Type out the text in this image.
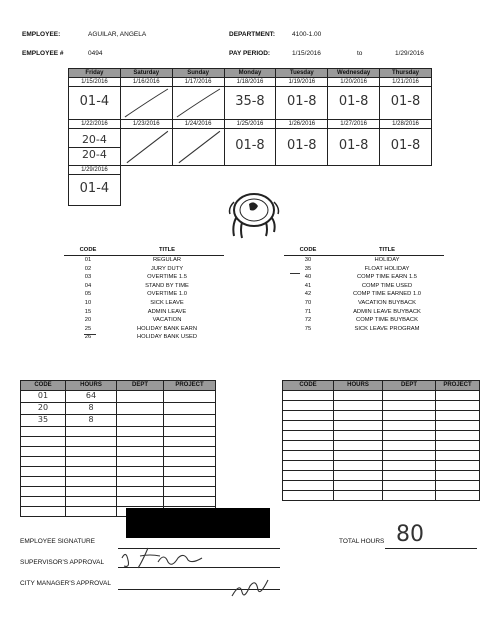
EMPLOYEE:	AGUILAR, ANGELA	DEPARTMENT:	4100-1.00
EMPLOYEE #	0494	PAY PERIOD:	1/15/2016	to	1/29/2016
Friday	Saturday	Sunday	Monday	Tuesday	Wednesday	Thursday
1/15/2016	1/16/2016	1/17/2016	1/18/2016	1/19/2016	1/20/2016	1/21/2016
01-4			35-8	01-8	01-8	01-8
1/22/2016	1/23/2016	1/24/2016	1/25/2016	1/26/2016	1/27/2016	1/28/2016

20-4
20-4			01-8	01-8	01-8	01-8
1/29/2016						
01-4						
CODE	TITLE
01	REGULAR
02	JURY DUTY
03	OVERTIME 1.5
04	STAND BY TIME
05	OVERTIME 1.0
10	SICK LEAVE
15	ADMIN LEAVE
20	VACATION
25	HOLIDAY BANK EARN
26	HOLIDAY BANK USED
CODE	TITLE
30	HOLIDAY
35	FLOAT HOLIDAY
40	COMP TIME EARN 1.5
41	COMP TIME USED
42	COMP TIME EARNED 1.0
70	VACATION BUYBACK
71	ADMIN LEAVE BUYBACK
72	COMP TIME BUYBACK
75	SICK LEAVE PROGRAM
CODE	HOURS	DEPT	PROJECT
01	64		
20	8		
35	8		

CODE	HOURS	DEPT	PROJECT

EMPLOYEE SIGNATURE	TOTAL HOURS 80
SUPERVISOR'S APPROVAL
CITY MANAGER'S APPROVAL
